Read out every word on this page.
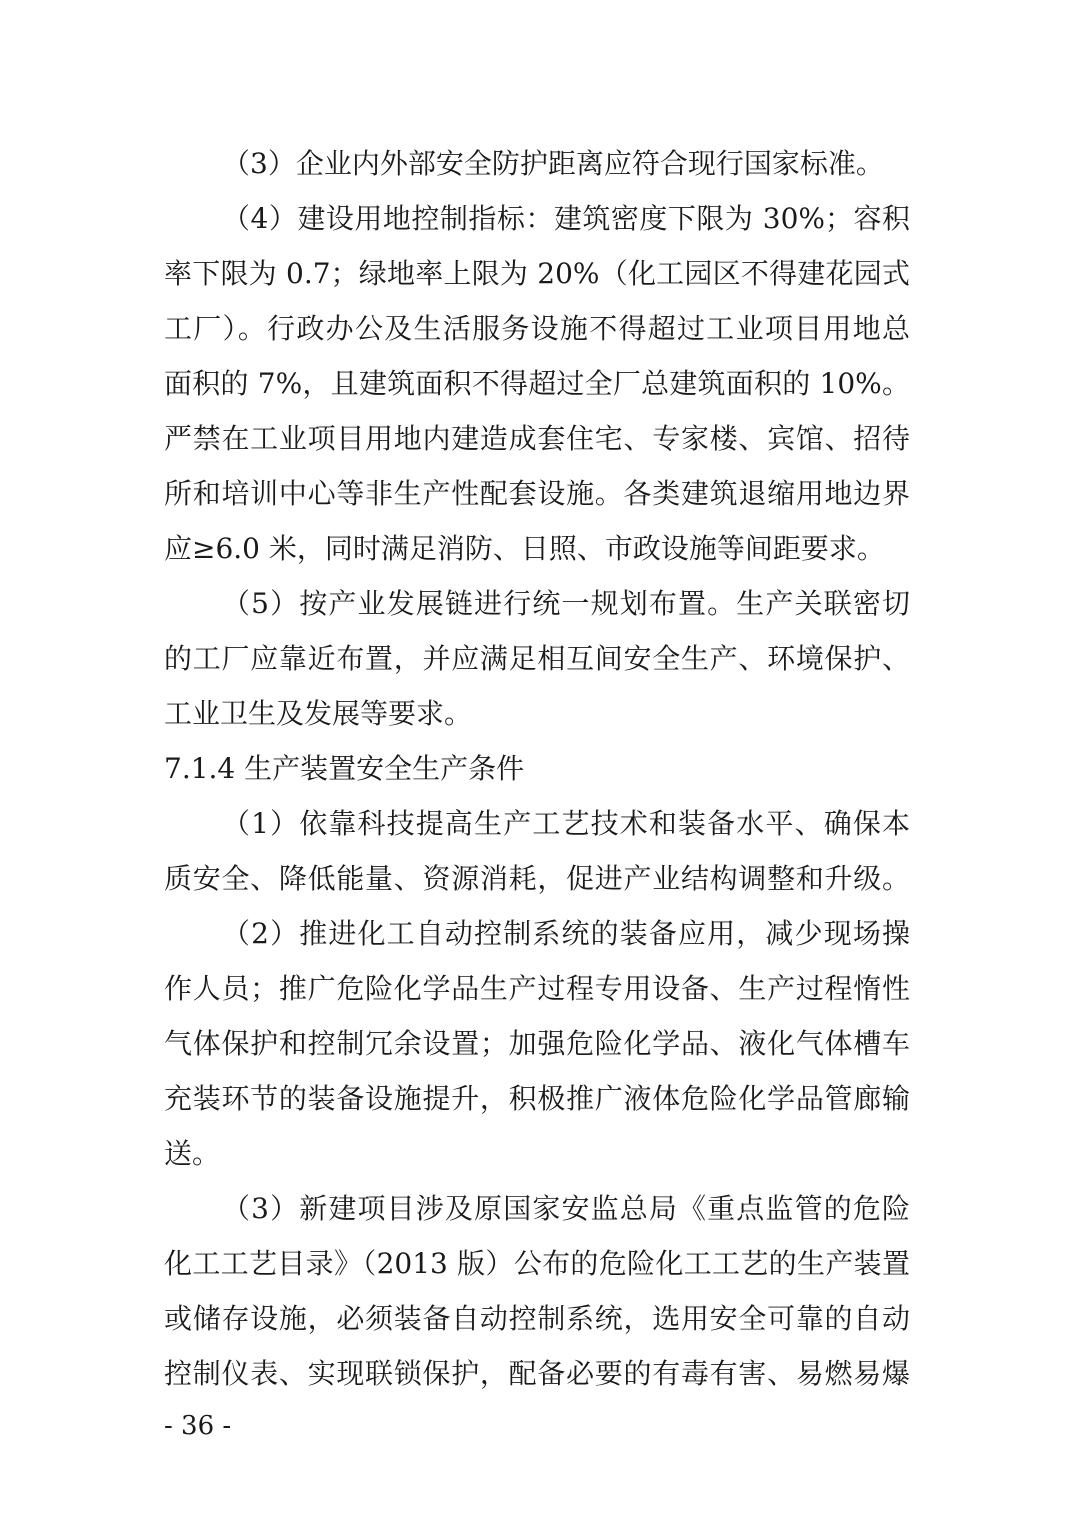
（3）企业内外部安全防护距离应符合现行国家标准。
（4）建设用地控制指标：建筑密度下限为 30%；容积
率下限为 0.7；绿地率上限为 20%（化工园区不得建花园式
工厂）。行政办公及生活服务设施不得超过工业项目用地总
面积的 7%，且建筑面积不得超过全厂总建筑面积的 10%。
严禁在工业项目用地内建造成套住宅、专家楼、宾馆、招待
所和培训中心等非生产性配套设施。各类建筑退缩用地边界
应≥6.0 米，同时满足消防、日照、市政设施等间距要求。
（5）按产业发展链进行统一规划布置。生产关联密切
的工厂应靠近布置，并应满足相互间安全生产、环境保护、
工业卫生及发展等要求。
7.1.4 生产装置安全生产条件
（1）依靠科技提高生产工艺技术和装备水平、确保本
质安全、降低能量、资源消耗，促进产业结构调整和升级。
（2）推进化工自动控制系统的装备应用，减少现场操
作人员；推广危险化学品生产过程专用设备、生产过程惰性
气体保护和控制冗余设置；加强危险化学品、液化气体槽车
充装环节的装备设施提升，积极推广液体危险化学品管廊输
送。
（3）新建项目涉及原国家安监总局《重点监管的危险
化工工艺目录》（2013 版）公布的危险化工工艺的生产装置
或储存设施，必须装备自动控制系统，选用安全可靠的自动
控制仪表、实现联锁保护，配备必要的有毒有害、易燃易爆
- 36 -
